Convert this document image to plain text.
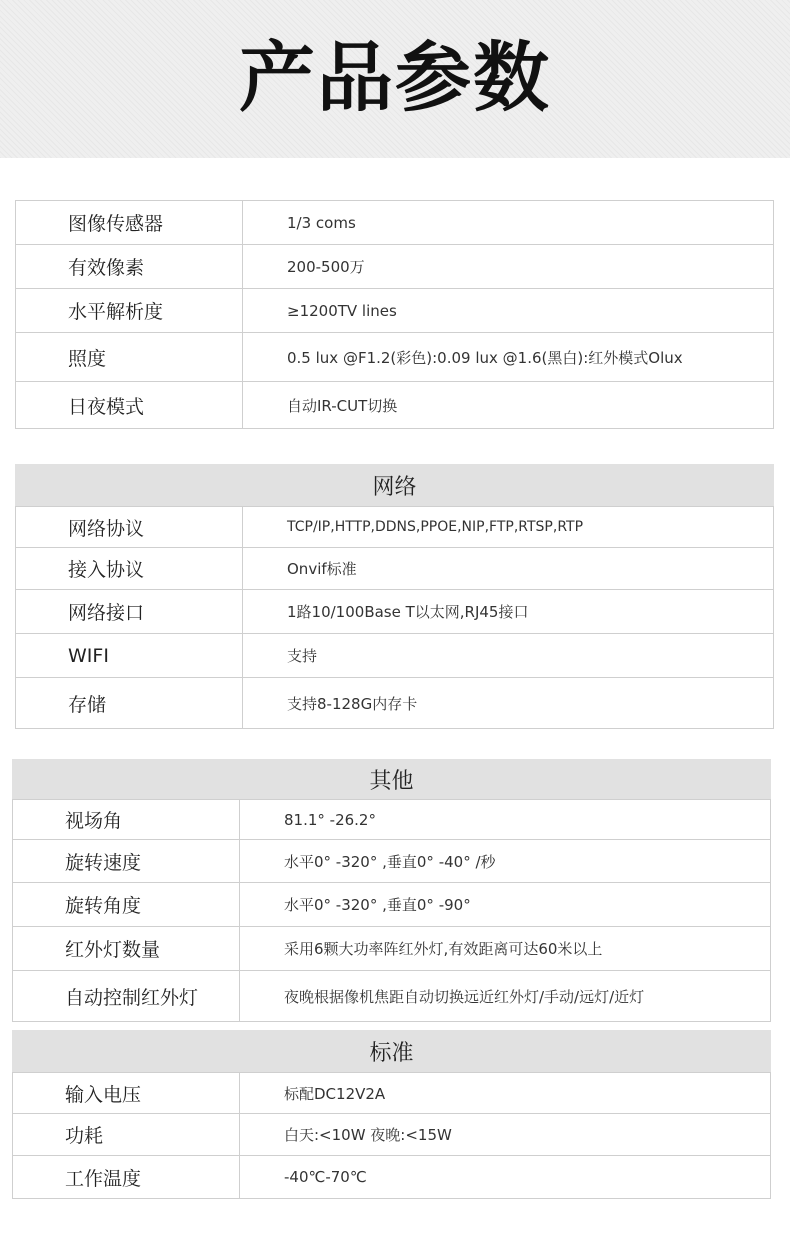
产品参数
图像传感器	1/3 coms
有效像素	200-500万
水平解析度	≥1200TV lines
照度	0.5 lux @F1.2(彩色):0.09 lux @1.6(黑白):红外模式Olux
日夜模式	自动IR-CUT切换
网络
网络协议	TCP/IP,HTTP,DDNS,PPOE,NIP,FTP,RTSP,RTP
接入协议	Onvif标准
网络接口	1路10/100Base T以太网,RJ45接口
WIFI	支持
存储	支持8-128G内存卡
其他
视场角	81.1° -26.2°
旋转速度	水平0° -320° ,垂直0° -40° /秒
旋转角度	水平0° -320° ,垂直0° -90°
红外灯数量	采用6颗大功率阵红外灯,有效距离可达60米以上
自动控制红外灯	夜晚根据像机焦距自动切换远近红外灯/手动/远灯/近灯
标准
输入电压	标配DC12V2A
功耗	白天:<10W 夜晚:<15W
工作温度	-40℃-70℃
